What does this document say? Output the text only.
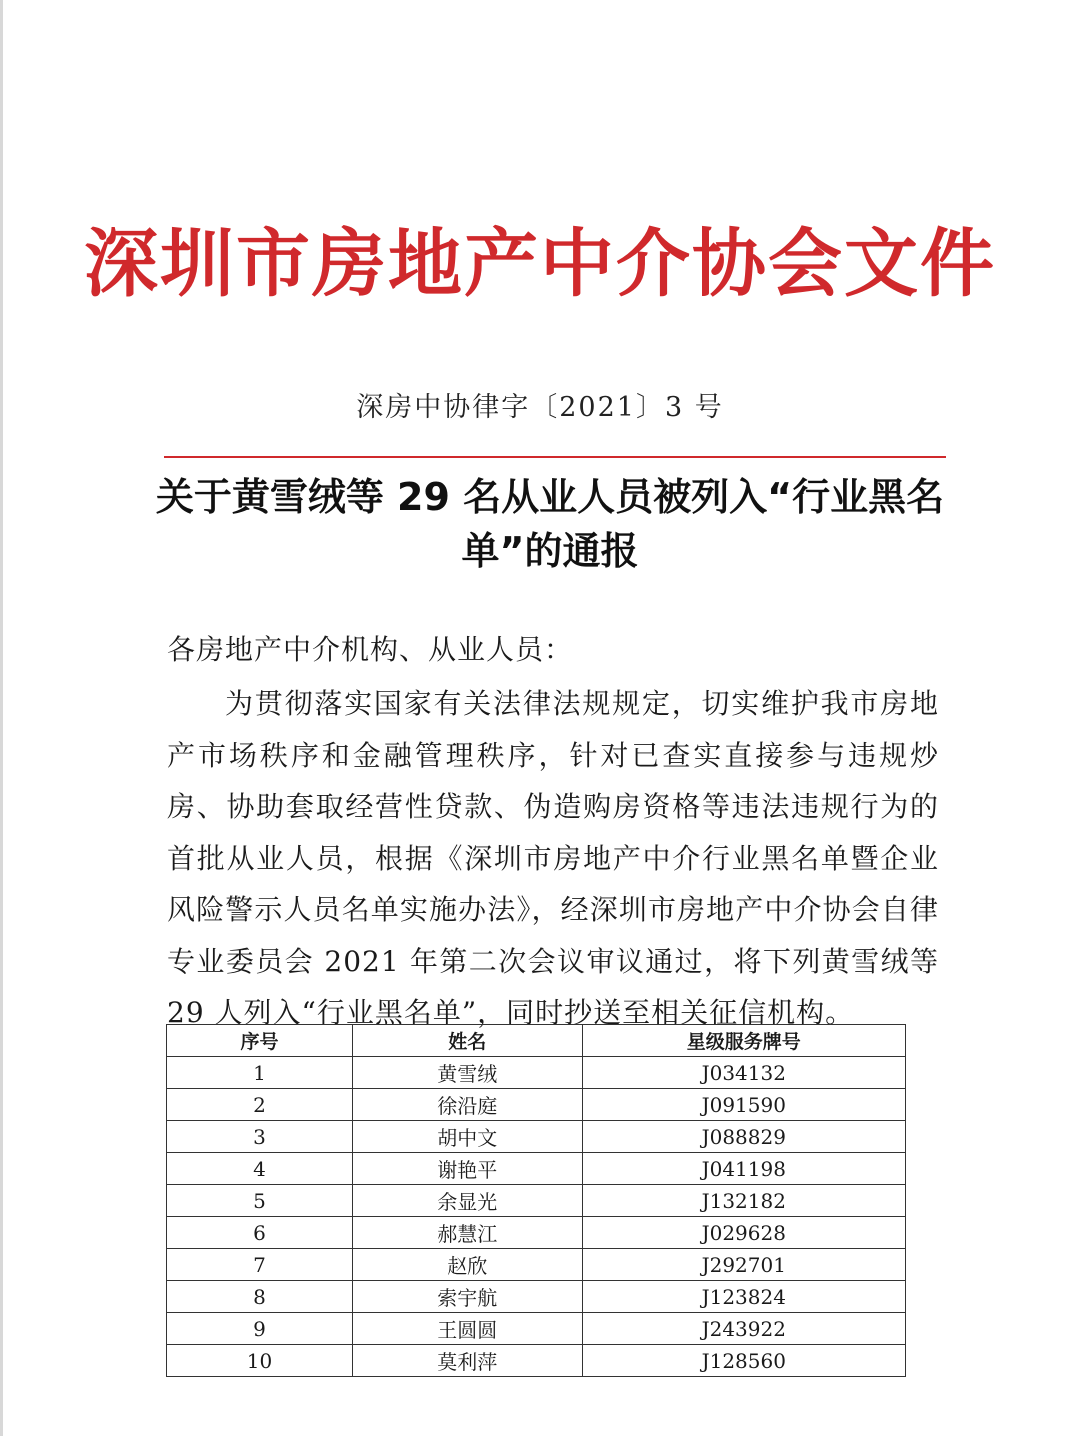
深圳市房地产中介协会文件
深房中协律字〔2021〕3 号
关于黄雪绒等 29 名从业人员被列入“行业黑名单”的通报
各房地产中介机构、从业人员：
为贯彻落实国家有关法律法规规定，切实维护我市房地产市场秩序和金融管理秩序，针对已查实直接参与违规炒房、协助套取经营性贷款、伪造购房资格等违法违规行为的首批从业人员，根据《深圳市房地产中介行业黑名单暨企业风险警示人员名单实施办法》，经深圳市房地产中介协会自律专业委员会 2021 年第二次会议审议通过，将下列黄雪绒等 29 人列入“行业黑名单”，同时抄送至相关征信机构。
序号	姓名	星级服务牌号
1	黄雪绒	J034132
2	徐沿庭	J091590
3	胡中文	J088829
4	谢艳平	J041198
5	余显光	J132182
6	郝慧江	J029628
7	赵欣	J292701
8	索宇航	J123824
9	王圆圆	J243922
10	莫利萍	J128560
